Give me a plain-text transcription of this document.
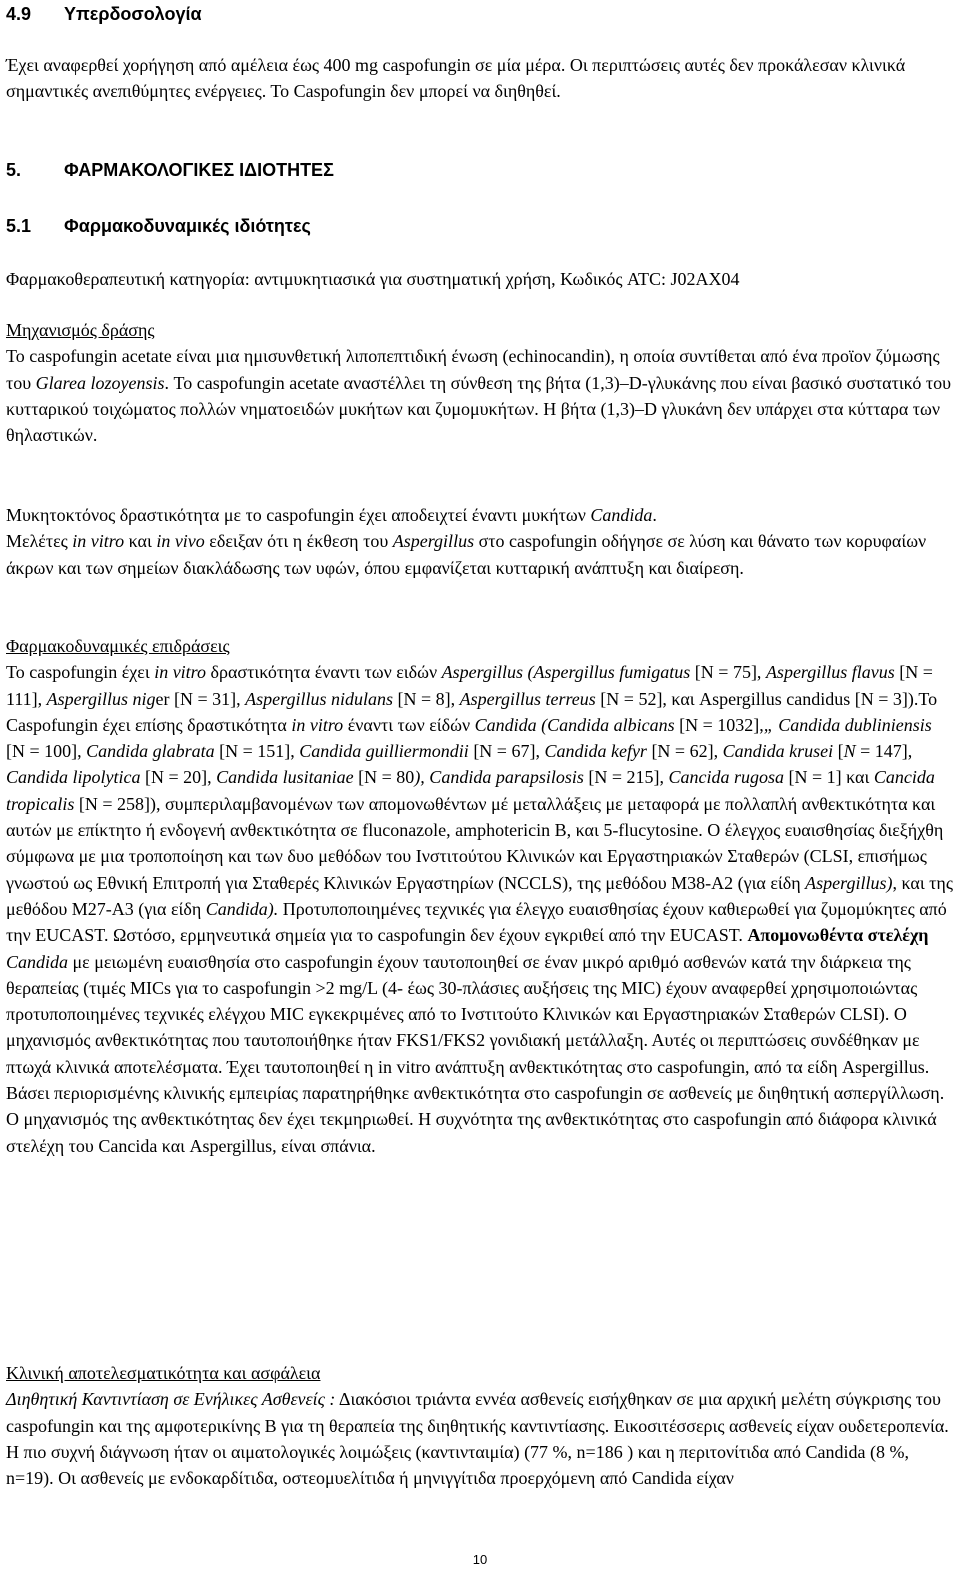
4.9 Υπερδοσολογία

Έχει αναφερθεί χορήγηση από αμέλεια έως 400 mg caspofungin σε μία μέρα. Οι περιπτώσεις αυτές δεν προκάλεσαν κλινικά σημαντικές ανεπιθύμητες ενέργειες. Το Caspofungin δεν μπορεί να διηθηθεί.

5. ΦΑΡΜΑΚΟΛΟΓΙΚΕΣ ΙΔΙΟΤΗΤΕΣ
5.1 Φαρμακοδυναμικές ιδιότητες

Φαρμακοθεραπευτική κατηγορία: αντιμυκητιασικά για συστηματική χρήση, Κωδικός ATC: J02AX04

Μηχανισμός δράσης
Το caspofungin acetate είναι μια ημισυνθετική λιποπεπτιδική ένωση (echinocandin), η οποία συντίθεται από ένα προϊον ζύμωσης του Glarea lozoyensis. Το caspofungin acetate αναστέλλει τη σύνθεση της βήτα (1,3)–D-γλυκάνης που είναι βασικό συστατικό του κυτταρικού τοιχώματος πολλών νηματοειδών μυκήτων και ζυμομυκήτων. Η βήτα (1,3)–D γλυκάνη δεν υπάρχει στα κύτταρα των θηλαστικών.
Μυκητοκτόνος δραστικότητα με το caspofungin έχει αποδειχτεί έναντι μυκήτων Candida.
Μελέτες in vitro και in vivo εδειξαν ότι η έκθεση του Aspergillus στο caspofungin οδήγησε σε λύση και θάνατο των κορυφαίων άκρων και των σημείων διακλάδωσης των υφών, όπου εμφανίζεται κυτταρική ανάπτυξη και διαίρεση.
Φαρμακοδυναμικές επιδράσεις
Το caspofungin έχει in vitro δραστικότητα έναντι των ειδών Aspergillus (Aspergillus fumigatus [N = 75], Aspergillus flavus [N = 111], Aspergillus niger [N = 31], Aspergillus nidulans [N = 8], Aspergillus terreus [N = 52], και Aspergillus candidus [N = 3]).Το Caspofungin έχει επίσης δραστικότητα in vitro έναντι των είδών Candida (Candida albicans [N = 1032],„ Candida dubliniensis [N = 100], Candida glabrata [N = 151], Candida guilliermondii [N = 67], Candida kefyr [N = 62], Candida krusei [N = 147], Candida lipolytica [N = 20], Candida lusitaniae [N = 80), Candida parapsilosis [N = 215], Cancida rugosa [N = 1] και Cancida tropicalis [N = 258]), συμπεριλαμβανομένων των απομονωθέντων μέ μεταλλάξεις με μεταφορά με πολλαπλή ανθεκτικότητα και αυτών με επίκτητο ή ενδογενή ανθεκτικότητα σε fluconazole, amphotericin B, και 5-flucytosine. Ο έλεγχος ευαισθησίας διεξήχθη σύμφωνα με μια τροποποίηση και των δυο μεθόδων του Ινστιτούτου Κλινικών και Εργαστηριακών Σταθερών (CLSI, επισήμως γνωστού ως Εθνική Επιτροπή για Σταθερές Κλινικών Εργαστηρίων (NCCLS), της μεθόδου M38-A2 (για είδη Aspergillus), και της μεθόδου M27-A3 (για είδη Candida). Προτυποποιημένες τεχνικές για έλεγχο ευαισθησίας έχουν καθιερωθεί για ζυμομύκητες από την EUCAST. Ωστόσο, ερμηνευτικά σημεία για το caspofungin δεν έχουν εγκριθεί από την EUCAST. Απομονωθέντα στελέχη Candida με μειωμένη ευαισθησία στο caspofungin έχουν ταυτοποιηθεί σε έναν μικρό αριθμό ασθενών κατά την διάρκεια της θεραπείας (τιμές MICs για το caspofungin >2 mg/L (4- έως 30-πλάσιες αυξήσεις της MIC) έχουν αναφερθεί χρησιμοποιώντας προτυποποιημένες τεχνικές ελέγχου MIC εγκεκριμένες από το Ινστιτούτο Κλινικών και Εργαστηριακών Σταθερών CLSI). Ο μηχανισμός ανθεκτικότητας που ταυτοποιήθηκε ήταν FKS1/FKS2 γονιδιακή μετάλλαξη. Αυτές οι περιπτώσεις συνδέθηκαν με πτωχά κλινικά αποτελέσματα. Έχει ταυτοποιηθεί η in vitro ανάπτυξη ανθεκτικότητας στο caspofungin, από τα είδη Aspergillus. Βάσει περιορισμένης κλινικής εμπειρίας παρατηρήθηκε ανθεκτικότητα στο caspofungin σε ασθενείς με διηθητική ασπεργίλλωση. Ο μηχανισμός της ανθεκτικότητας δεν έχει τεκμηριωθεί. Η συχνότητα της ανθεκτικότητας στο caspofungin από διάφορα κλινικά στελέχη του Cancida και Aspergillus, είναι σπάνια.
Κλινική αποτελεσματικότητα και ασφάλεια
Διηθητική Καντιντίαση σε Ενήλικες Ασθενείς : Διακόσιοι τριάντα εννέα ασθενείς εισήχθηκαν σε μια αρχική μελέτη σύγκρισης του caspofungin και της αμφοτερικίνης Β για τη θεραπεία της διηθητικής καντιντίασης. Εικοσιτέσσερις ασθενείς είχαν ουδετεροπενία. Η πιο συχνή διάγνωση ήταν οι αιματολογικές λοιμώξεις (καντινταιμία) (77 %, n=186 ) και η περιτονίτιδα από Candida (8 %, n=19). Οι ασθενείς με ενδοκαρδίτιδα, οστεομυελίτιδα ή μηνιγγίτιδα προερχόμενη από Candida είχαν
10
